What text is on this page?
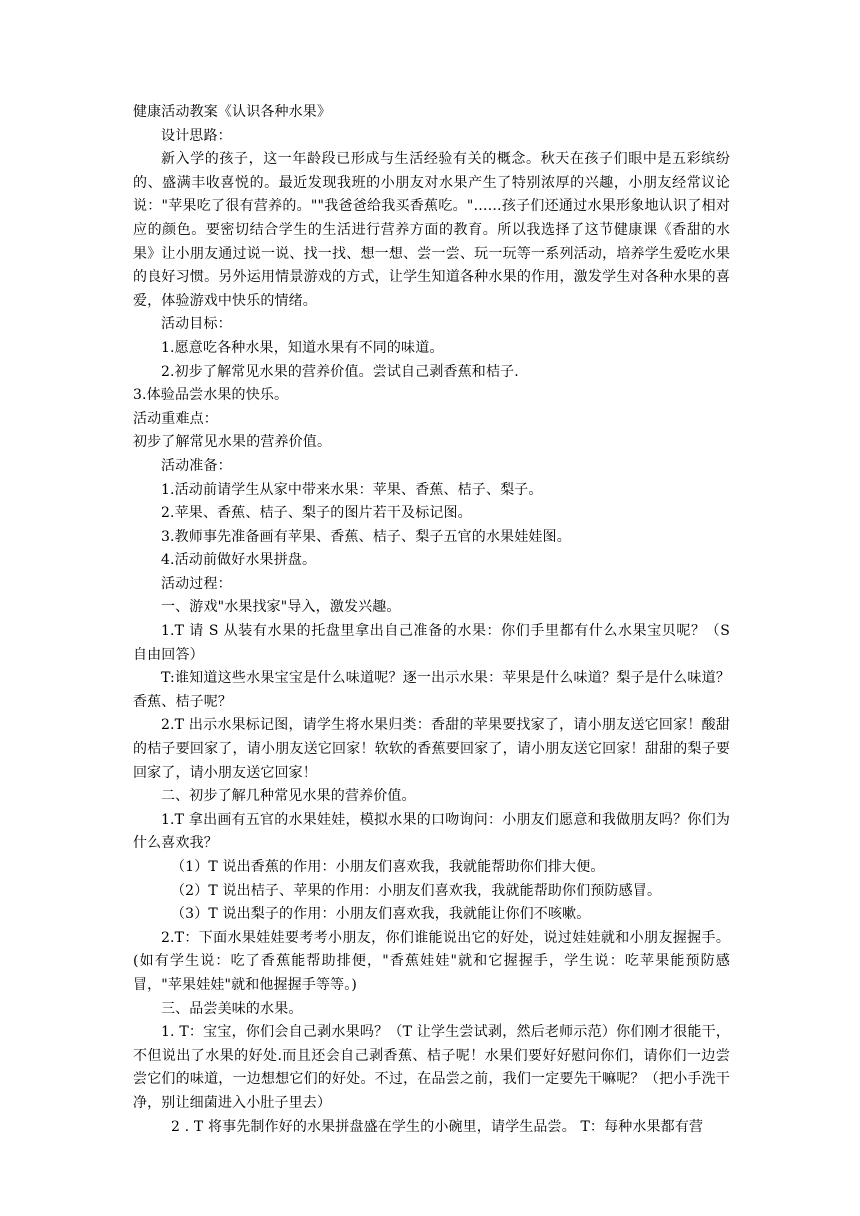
健康活动教案《认识各种水果》

设计思路：

新入学的孩子，这一年龄段已形成与生活经验有关的概念。秋天在孩子们眼中是五彩缤纷的、盛满丰收喜悦的。最近发现我班的小朋友对水果产生了特别浓厚的兴趣，小朋友经常议论说："苹果吃了很有营养的。""我爸爸给我买香蕉吃。"……孩子们还通过水果形象地认识了相对应的颜色。要密切结合学生的生活进行营养方面的教育。所以我选择了这节健康课《香甜的水果》让小朋友通过说一说、找一找、想一想、尝一尝、玩一玩等一系列活动，培养学生爱吃水果的良好习惯。另外运用情景游戏的方式，让学生知道各种水果的作用，激发学生对各种水果的喜爱，体验游戏中快乐的情绪。

活动目标：

1.愿意吃各种水果，知道水果有不同的味道。

2.初步了解常见水果的营养价值。尝试自己剥香蕉和桔子.

3.体验品尝水果的快乐。

活动重难点：

初步了解常见水果的营养价值。

活动准备：

1.活动前请学生从家中带来水果：苹果、香蕉、桔子、梨子。

2.苹果、香蕉、桔子、梨子的图片若干及标记图。

3.教师事先准备画有苹果、香蕉、桔子、梨子五官的水果娃娃图。

4.活动前做好水果拼盘。

活动过程：

一、游戏"水果找家"导入，激发兴趣。

1.T 请 S 从装有水果的托盘里拿出自己准备的水果：你们手里都有什么水果宝贝呢？（S 自由回答）

T:谁知道这些水果宝宝是什么味道呢？逐一出示水果：苹果是什么味道？梨子是什么味道？香蕉、桔子呢？

2.T 出示水果标记图，请学生将水果归类：香甜的苹果要找家了，请小朋友送它回家！酸甜的桔子要回家了，请小朋友送它回家！软软的香蕉要回家了，请小朋友送它回家！甜甜的梨子要回家了，请小朋友送它回家！

二、初步了解几种常见水果的营养价值。

1.T 拿出画有五官的水果娃娃，模拟水果的口吻询问：小朋友们愿意和我做朋友吗？你们为什么喜欢我？

（1）T 说出香蕉的作用：小朋友们喜欢我，我就能帮助你们排大便。

（2）T 说出桔子、苹果的作用：小朋友们喜欢我，我就能帮助你们预防感冒。

（3）T 说出梨子的作用：小朋友们喜欢我，我就能让你们不咳嗽。

2.T：下面水果娃娃要考考小朋友，你们谁能说出它的好处，说过娃娃就和小朋友握握手。(如有学生说：吃了香蕉能帮助排便，"香蕉娃娃"就和它握握手，学生说：吃苹果能预防感冒，"苹果娃娃"就和他握握手等等。)

三、品尝美味的水果。

1. T：宝宝，你们会自己剥水果吗？（T 让学生尝试剥，然后老师示范）你们刚才很能干，不但说出了水果的好处.而且还会自己剥香蕉、桔子呢！水果们要好好慰问你们，请你们一边尝尝它们的味道，一边想想它们的好处。不过，在品尝之前，我们一定要先干嘛呢？（把小手洗干净，别让细菌进入小肚子里去）

2 . T 将事先制作好的水果拼盘盛在学生的小碗里，请学生品尝。 T：每种水果都有营
